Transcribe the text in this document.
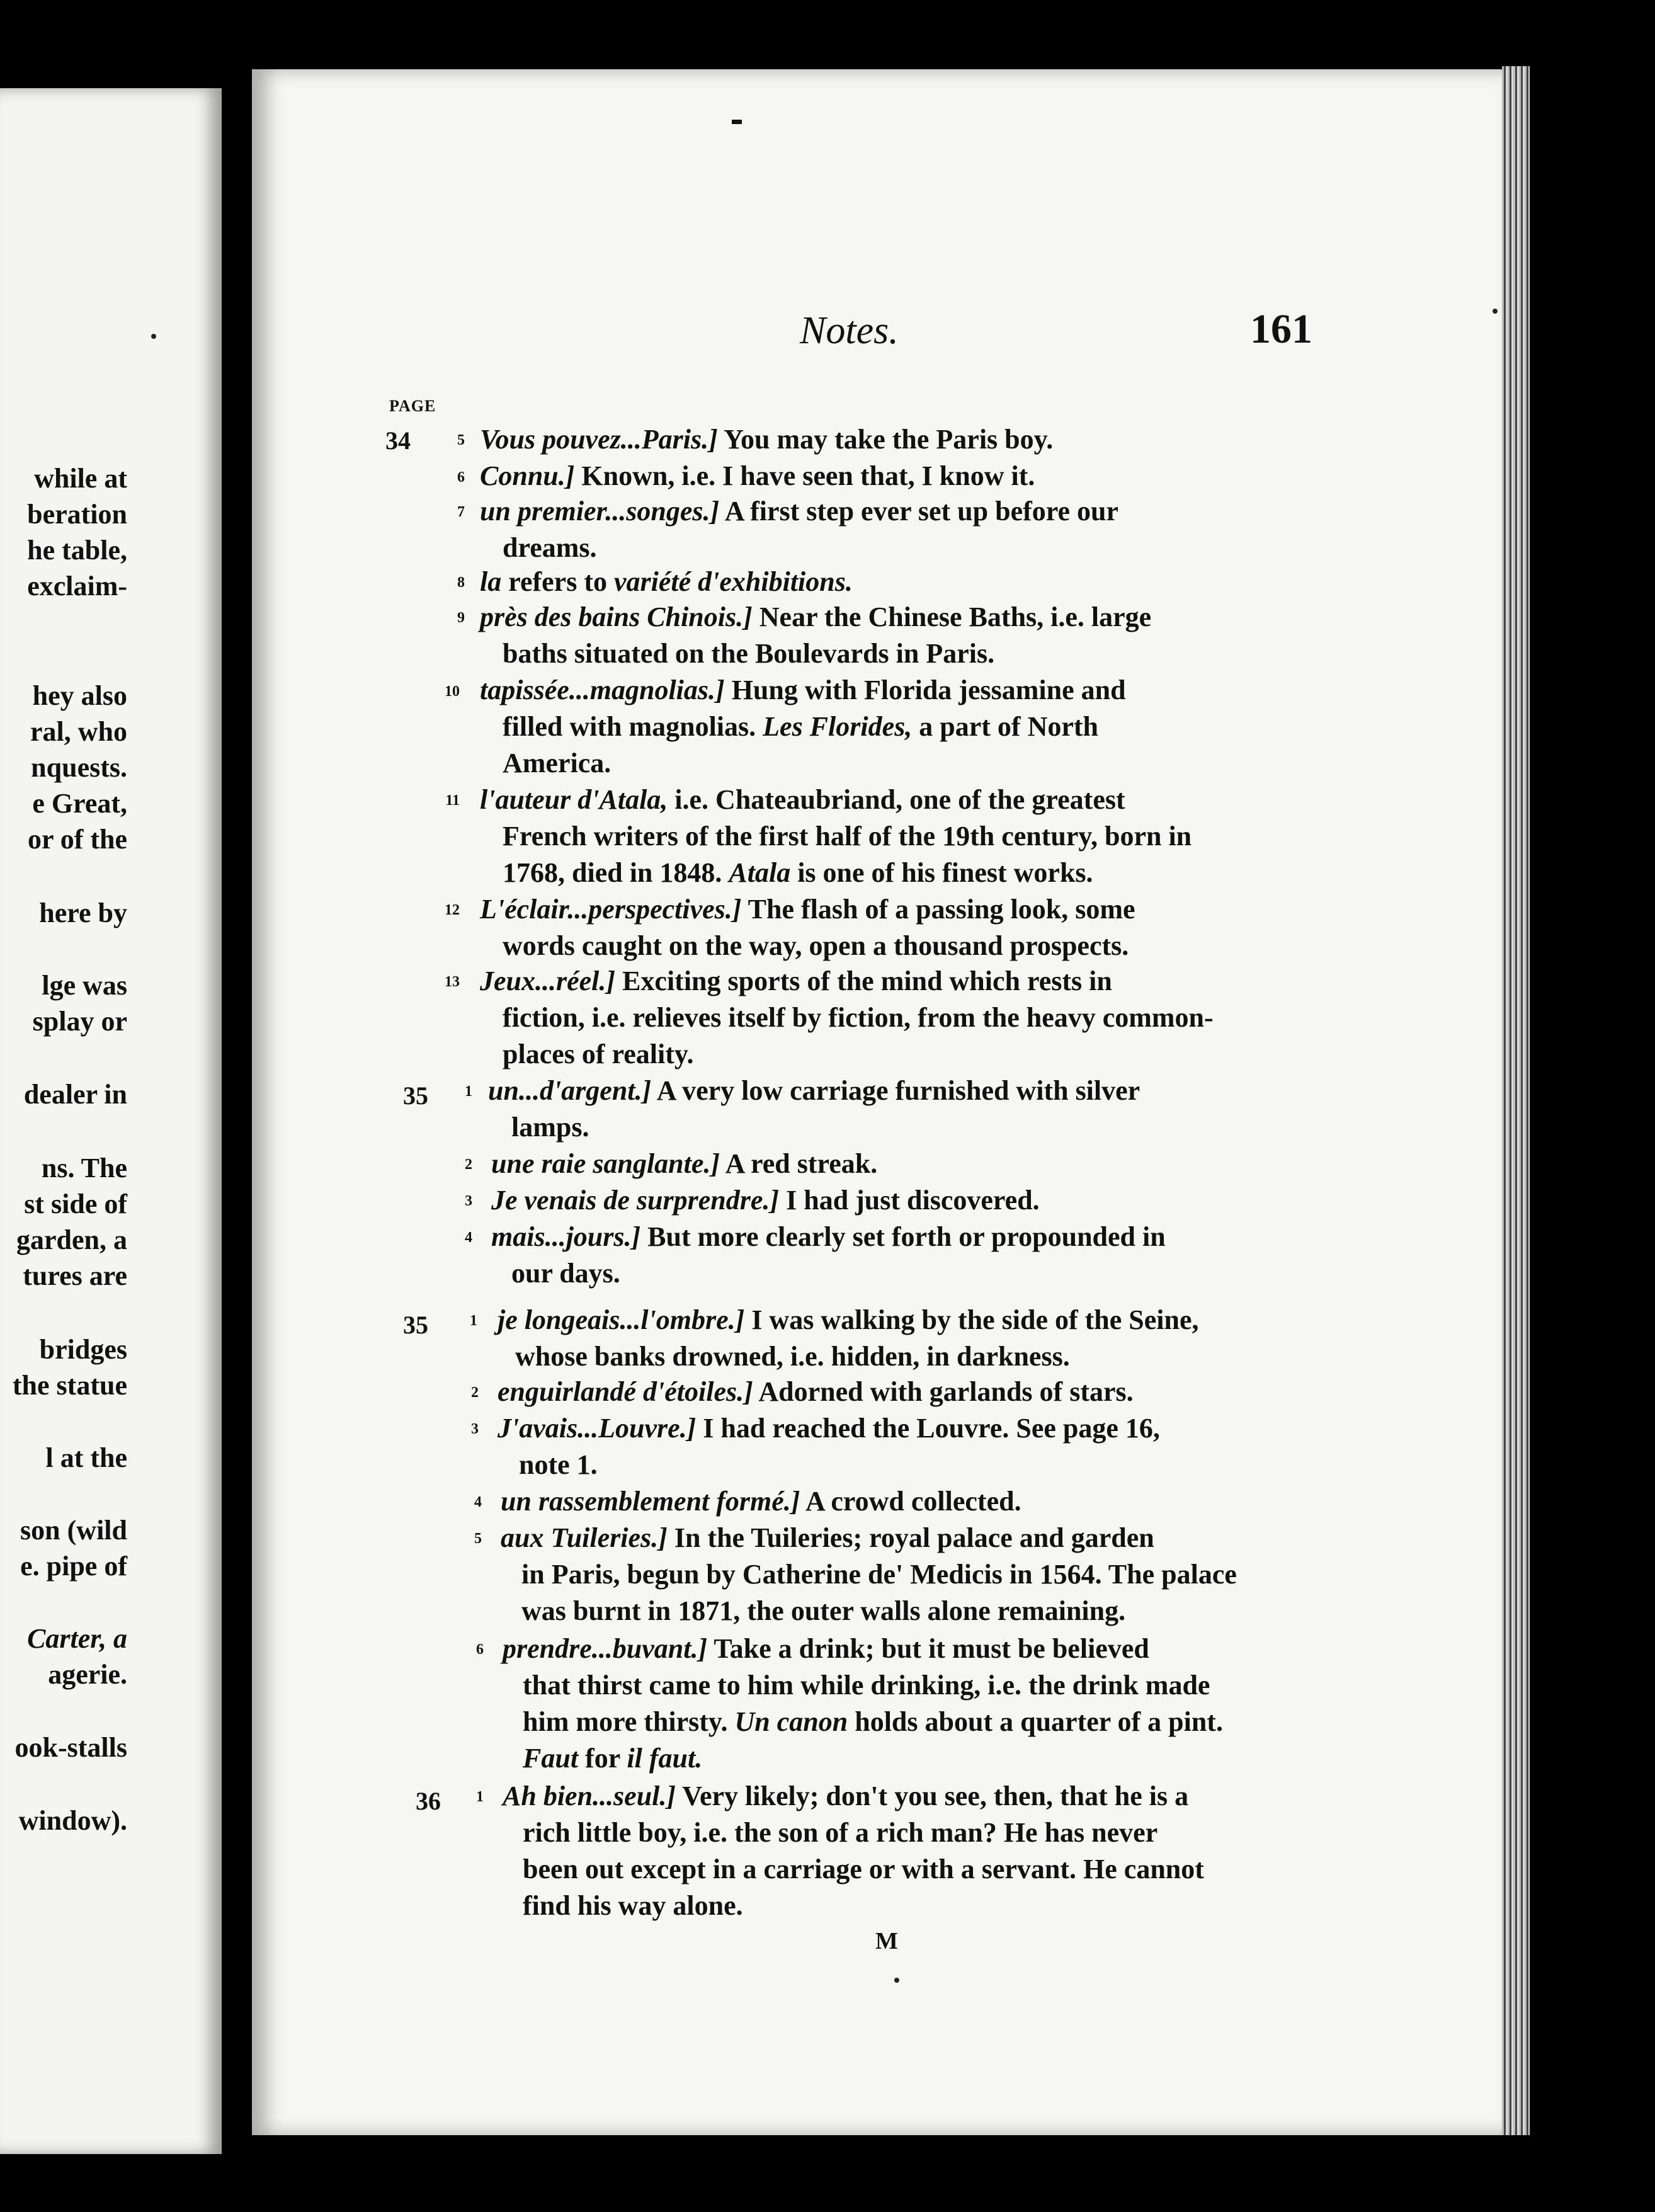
while at
beration
he table,
exclaim-
hey also
ral, who
nquests.
e Great,
or of the
here by
lge was
splay or
dealer in
ns. The
st side of
garden, a
tures are
bridges
the statue
l at the
son (wild
e. pipe of
Carter, a
agerie.
ook-stalls
window).
Notes.	161
PAGE
34	5 Vous pouvez...Paris.] You may take the Paris boy.
6 Connu.] Known, i.e. I have seen that, I know it.
7 un premier...songes.] A first step ever set up before our
dreams.
8 la refers to variété d'exhibitions.
9 près des bains Chinois.] Near the Chinese Baths, i.e. large
baths situated on the Boulevards in Paris.
10 tapissée...magnolias.] Hung with Florida jessamine and
filled with magnolias. Les Florides, a part of North
America.
11 l'auteur d'Atala, i.e. Chateaubriand, one of the greatest
French writers of the first half of the 19th century, born in
1768, died in 1848. Atala is one of his finest works.
12 L'éclair...perspectives.] The flash of a passing look, some
words caught on the way, open a thousand prospects.
13 Jeux...réel.] Exciting sports of the mind which rests in
fiction, i.e. relieves itself by fiction, from the heavy common-
places of reality.
35	1 un...d'argent.] A very low carriage furnished with silver
lamps.
2 une raie sanglante.] A red streak.
3 Je venais de surprendre.] I had just discovered.
4 mais...jours.] But more clearly set forth or propounded in
our days.
35	1 je longeais...l'ombre.] I was walking by the side of the Seine,
whose banks drowned, i.e. hidden, in darkness.
2 enguirlandé d'étoiles.] Adorned with garlands of stars.
3 J'avais...Louvre.] I had reached the Louvre. See page 16,
note 1.
4 un rassemblement formé.] A crowd collected.
5 aux Tuileries.] In the Tuileries; royal palace and garden
in Paris, begun by Catherine de' Medicis in 1564. The palace
was burnt in 1871, the outer walls alone remaining.
6 prendre...buvant.] Take a drink; but it must be believed
that thirst came to him while drinking, i.e. the drink made
him more thirsty. Un canon holds about a quarter of a pint.
Faut for il faut.
36	1 Ah bien...seul.] Very likely; don't you see, then, that he is a
rich little boy, i.e. the son of a rich man? He has never
been out except in a carriage or with a servant. He cannot
find his way alone.
M
